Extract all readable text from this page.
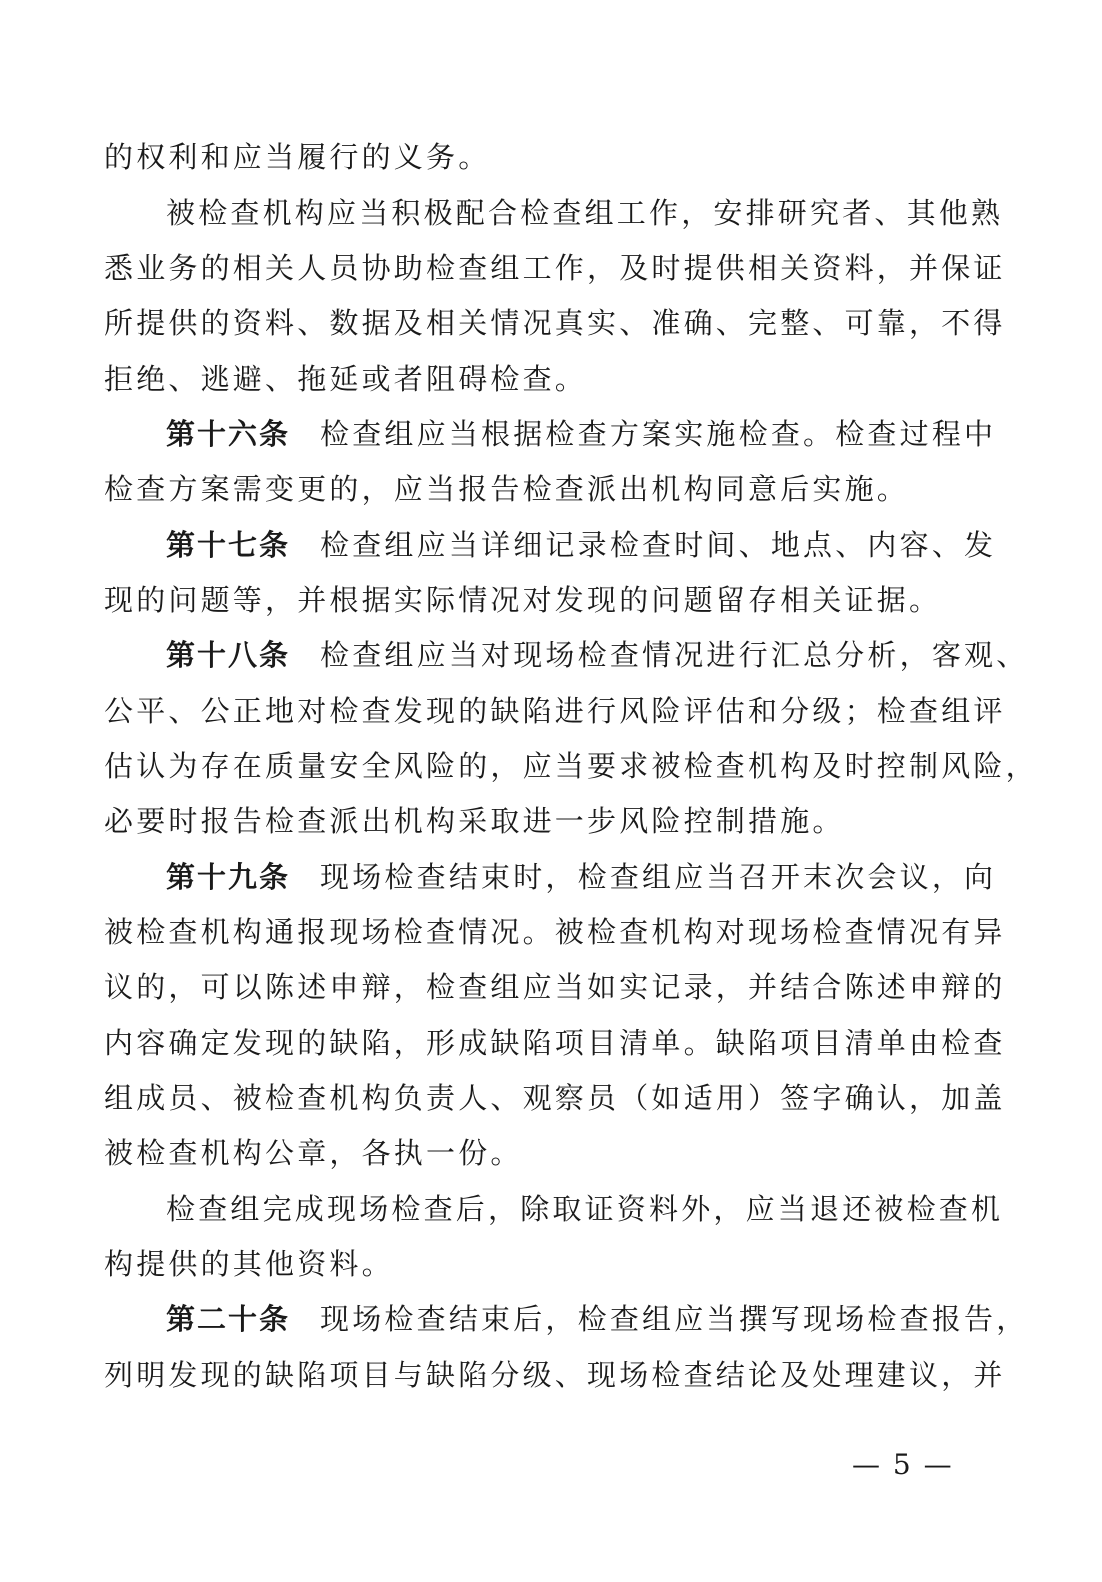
的权利和应当履行的义务。
被检查机构应当积极配合检查组工作，安排研究者、其他熟
悉业务的相关人员协助检查组工作，及时提供相关资料，并保证
所提供的资料、数据及相关情况真实、准确、完整、可靠，不得
拒绝、逃避、拖延或者阻碍检查。
第十六条 检查组应当根据检查方案实施检查。检查过程中
检查方案需变更的，应当报告检查派出机构同意后实施。
第十七条 检查组应当详细记录检查时间、地点、内容、发
现的问题等，并根据实际情况对发现的问题留存相关证据。
第十八条 检查组应当对现场检查情况进行汇总分析，客观、
公平、公正地对检查发现的缺陷进行风险评估和分级；检查组评
估认为存在质量安全风险的，应当要求被检查机构及时控制风险，
必要时报告检查派出机构采取进一步风险控制措施。
第十九条 现场检查结束时，检查组应当召开末次会议，向
被检查机构通报现场检查情况。被检查机构对现场检查情况有异
议的，可以陈述申辩，检查组应当如实记录，并结合陈述申辩的
内容确定发现的缺陷，形成缺陷项目清单。缺陷项目清单由检查
组成员、被检查机构负责人、观察员（如适用）签字确认，加盖
被检查机构公章，各执一份。
检查组完成现场检查后，除取证资料外，应当退还被检查机
构提供的其他资料。
第二十条 现场检查结束后，检查组应当撰写现场检查报告，
列明发现的缺陷项目与缺陷分级、现场检查结论及处理建议，并
— 5 —
